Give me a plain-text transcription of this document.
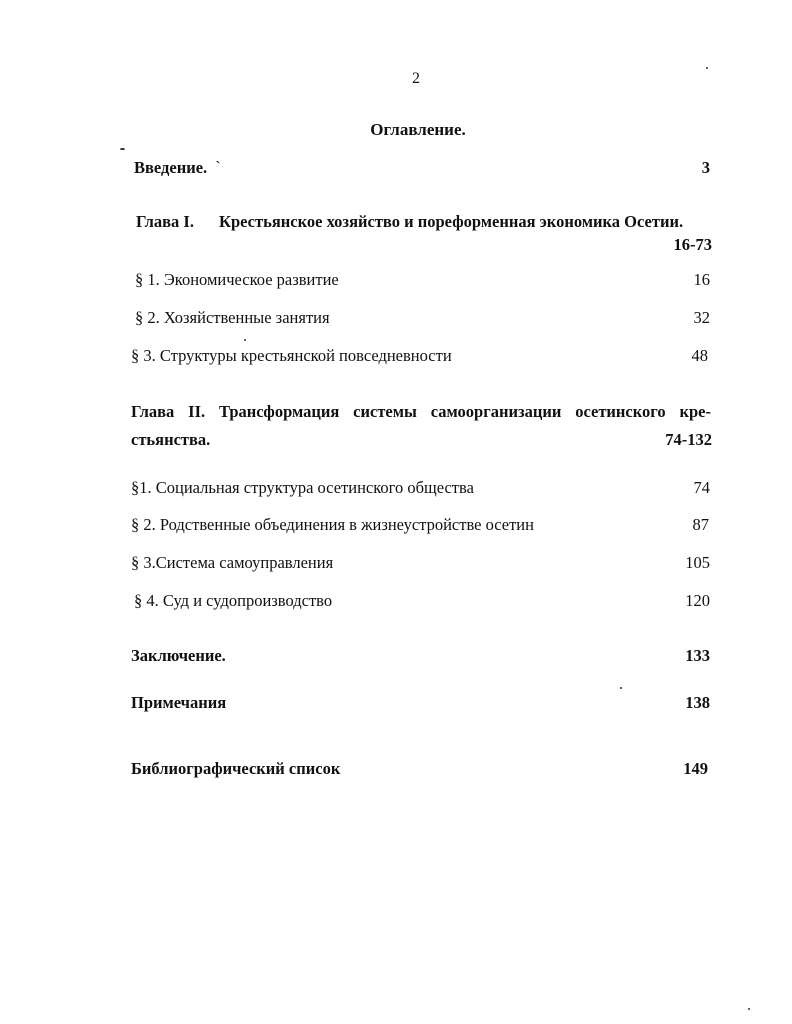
2
Оглавление.
Введение. `	3
Глава I. Крестьянское хозяйство и пореформенная экономика Осетии.
16-73
§ 1. Экономическое развитие	16
§ 2. Хозяйственные занятия	32
§ 3. Структуры крестьянской повседневности	48
Глава II. Трансформация системы самоорганизации осетинского кре-
стьянства.	74-132
§1. Социальная структура осетинского общества	74
§ 2. Родственные объединения в жизнеустройстве осетин	87
§ 3.Система самоуправления	105
§ 4. Суд и судопроизводство	120
Заключение.	133
Примечания	138
Библиографический список	149
